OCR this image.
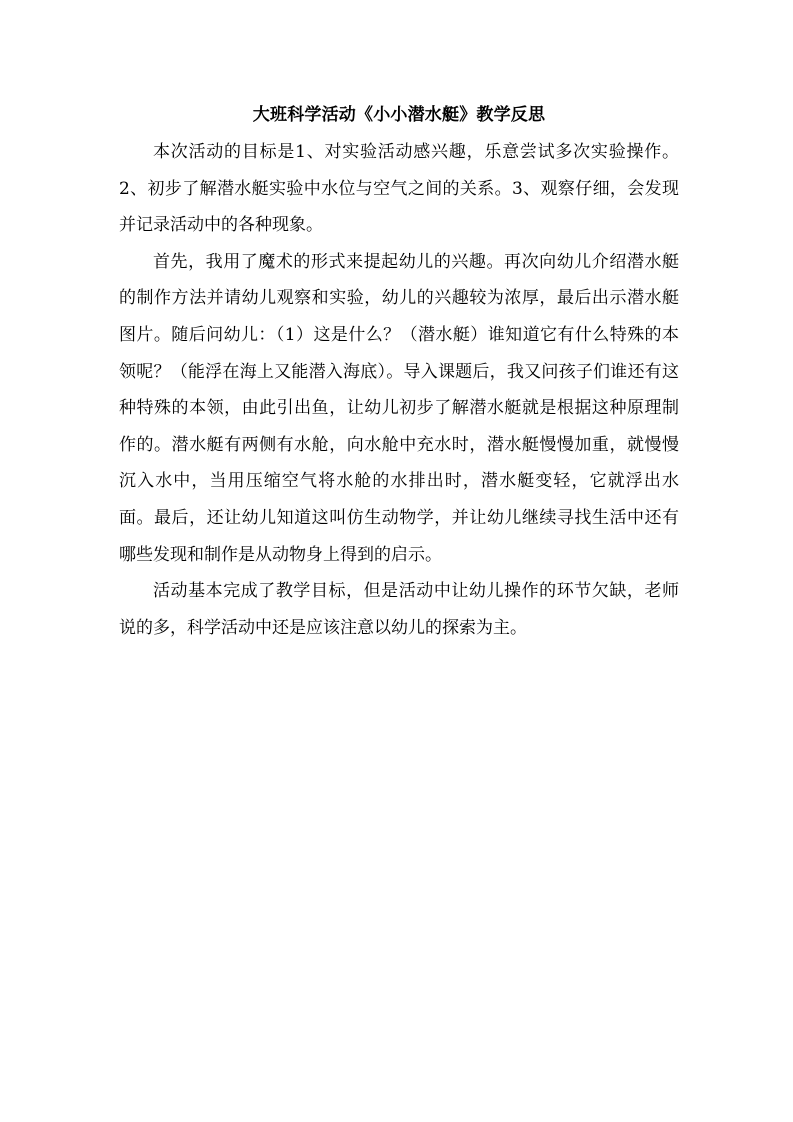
大班科学活动《小小潜水艇》教学反思

本次活动的目标是1、对实验活动感兴趣，乐意尝试多次实验操作。2、初步了解潜水艇实验中水位与空气之间的关系。3、观察仔细，会发现并记录活动中的各种现象。

首先，我用了魔术的形式来提起幼儿的兴趣。再次向幼儿介绍潜水艇的制作方法并请幼儿观察和实验，幼儿的兴趣较为浓厚，最后出示潜水艇图片。随后问幼儿：（1）这是什么？（潜水艇）谁知道它有什么特殊的本领呢？（能浮在海上又能潜入海底）。导入课题后，我又问孩子们谁还有这种特殊的本领，由此引出鱼，让幼儿初步了解潜水艇就是根据这种原理制作的。潜水艇有两侧有水舱，向水舱中充水时，潜水艇慢慢加重，就慢慢沉入水中，当用压缩空气将水舱的水排出时，潜水艇变轻，它就浮出水面。最后，还让幼儿知道这叫仿生动物学，并让幼儿继续寻找生活中还有哪些发现和制作是从动物身上得到的启示。

活动基本完成了教学目标，但是活动中让幼儿操作的环节欠缺，老师说的多，科学活动中还是应该注意以幼儿的探索为主。
